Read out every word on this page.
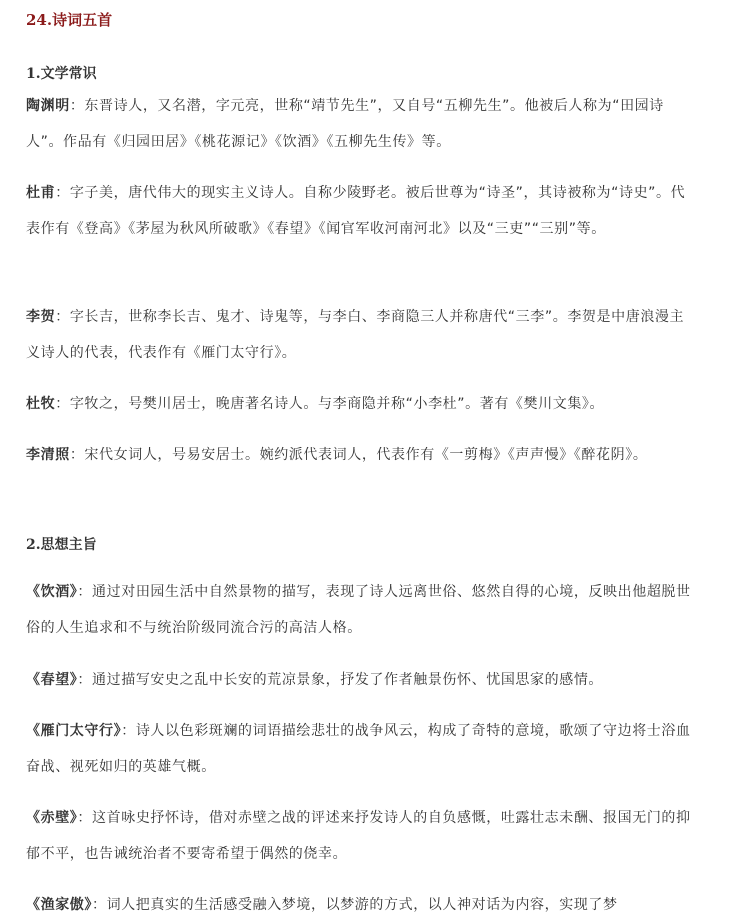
24.诗词五首
1.文学常识
陶渊明：东晋诗人，又名潜，字元亮，世称“靖节先生”，又自号“五柳先生”。他被后人称为“田园诗人”。作品有《归园田居》《桃花源记》《饮酒》《五柳先生传》等。
杜甫：字子美，唐代伟大的现实主义诗人。自称少陵野老。被后世尊为“诗圣”，其诗被称为“诗史”。代表作有《登高》《茅屋为秋风所破歌》《春望》《闻官军收河南河北》以及“三吏”“三别”等。
李贺：字长吉，世称李长吉、鬼才、诗鬼等，与李白、李商隐三人并称唐代“三李”。李贺是中唐浪漫主义诗人的代表，代表作有《雁门太守行》。
杜牧：字牧之，号樊川居士，晚唐著名诗人。与李商隐并称“小李杜”。著有《樊川文集》。
李清照：宋代女词人，号易安居士。婉约派代表词人，代表作有《一剪梅》《声声慢》《醉花阴》。
2.思想主旨
《饮酒》：通过对田园生活中自然景物的描写，表现了诗人远离世俗、悠然自得的心境，反映出他超脱世俗的人生追求和不与统治阶级同流合污的高洁人格。
《春望》：通过描写安史之乱中长安的荒凉景象，抒发了作者触景伤怀、忧国思家的感情。
《雁门太守行》：诗人以色彩斑斓的词语描绘悲壮的战争风云，构成了奇特的意境，歌颂了守边将士浴血奋战、视死如归的英雄气概。
《赤壁》：这首咏史抒怀诗，借对赤壁之战的评述来抒发诗人的自负感慨，吐露壮志未酬、报国无门的抑郁不平，也告诫统治者不要寄希望于偶然的侥幸。
《渔家傲》：词人把真实的生活感受融入梦境，以梦游的方式，以人神对话为内容，实现了梦
